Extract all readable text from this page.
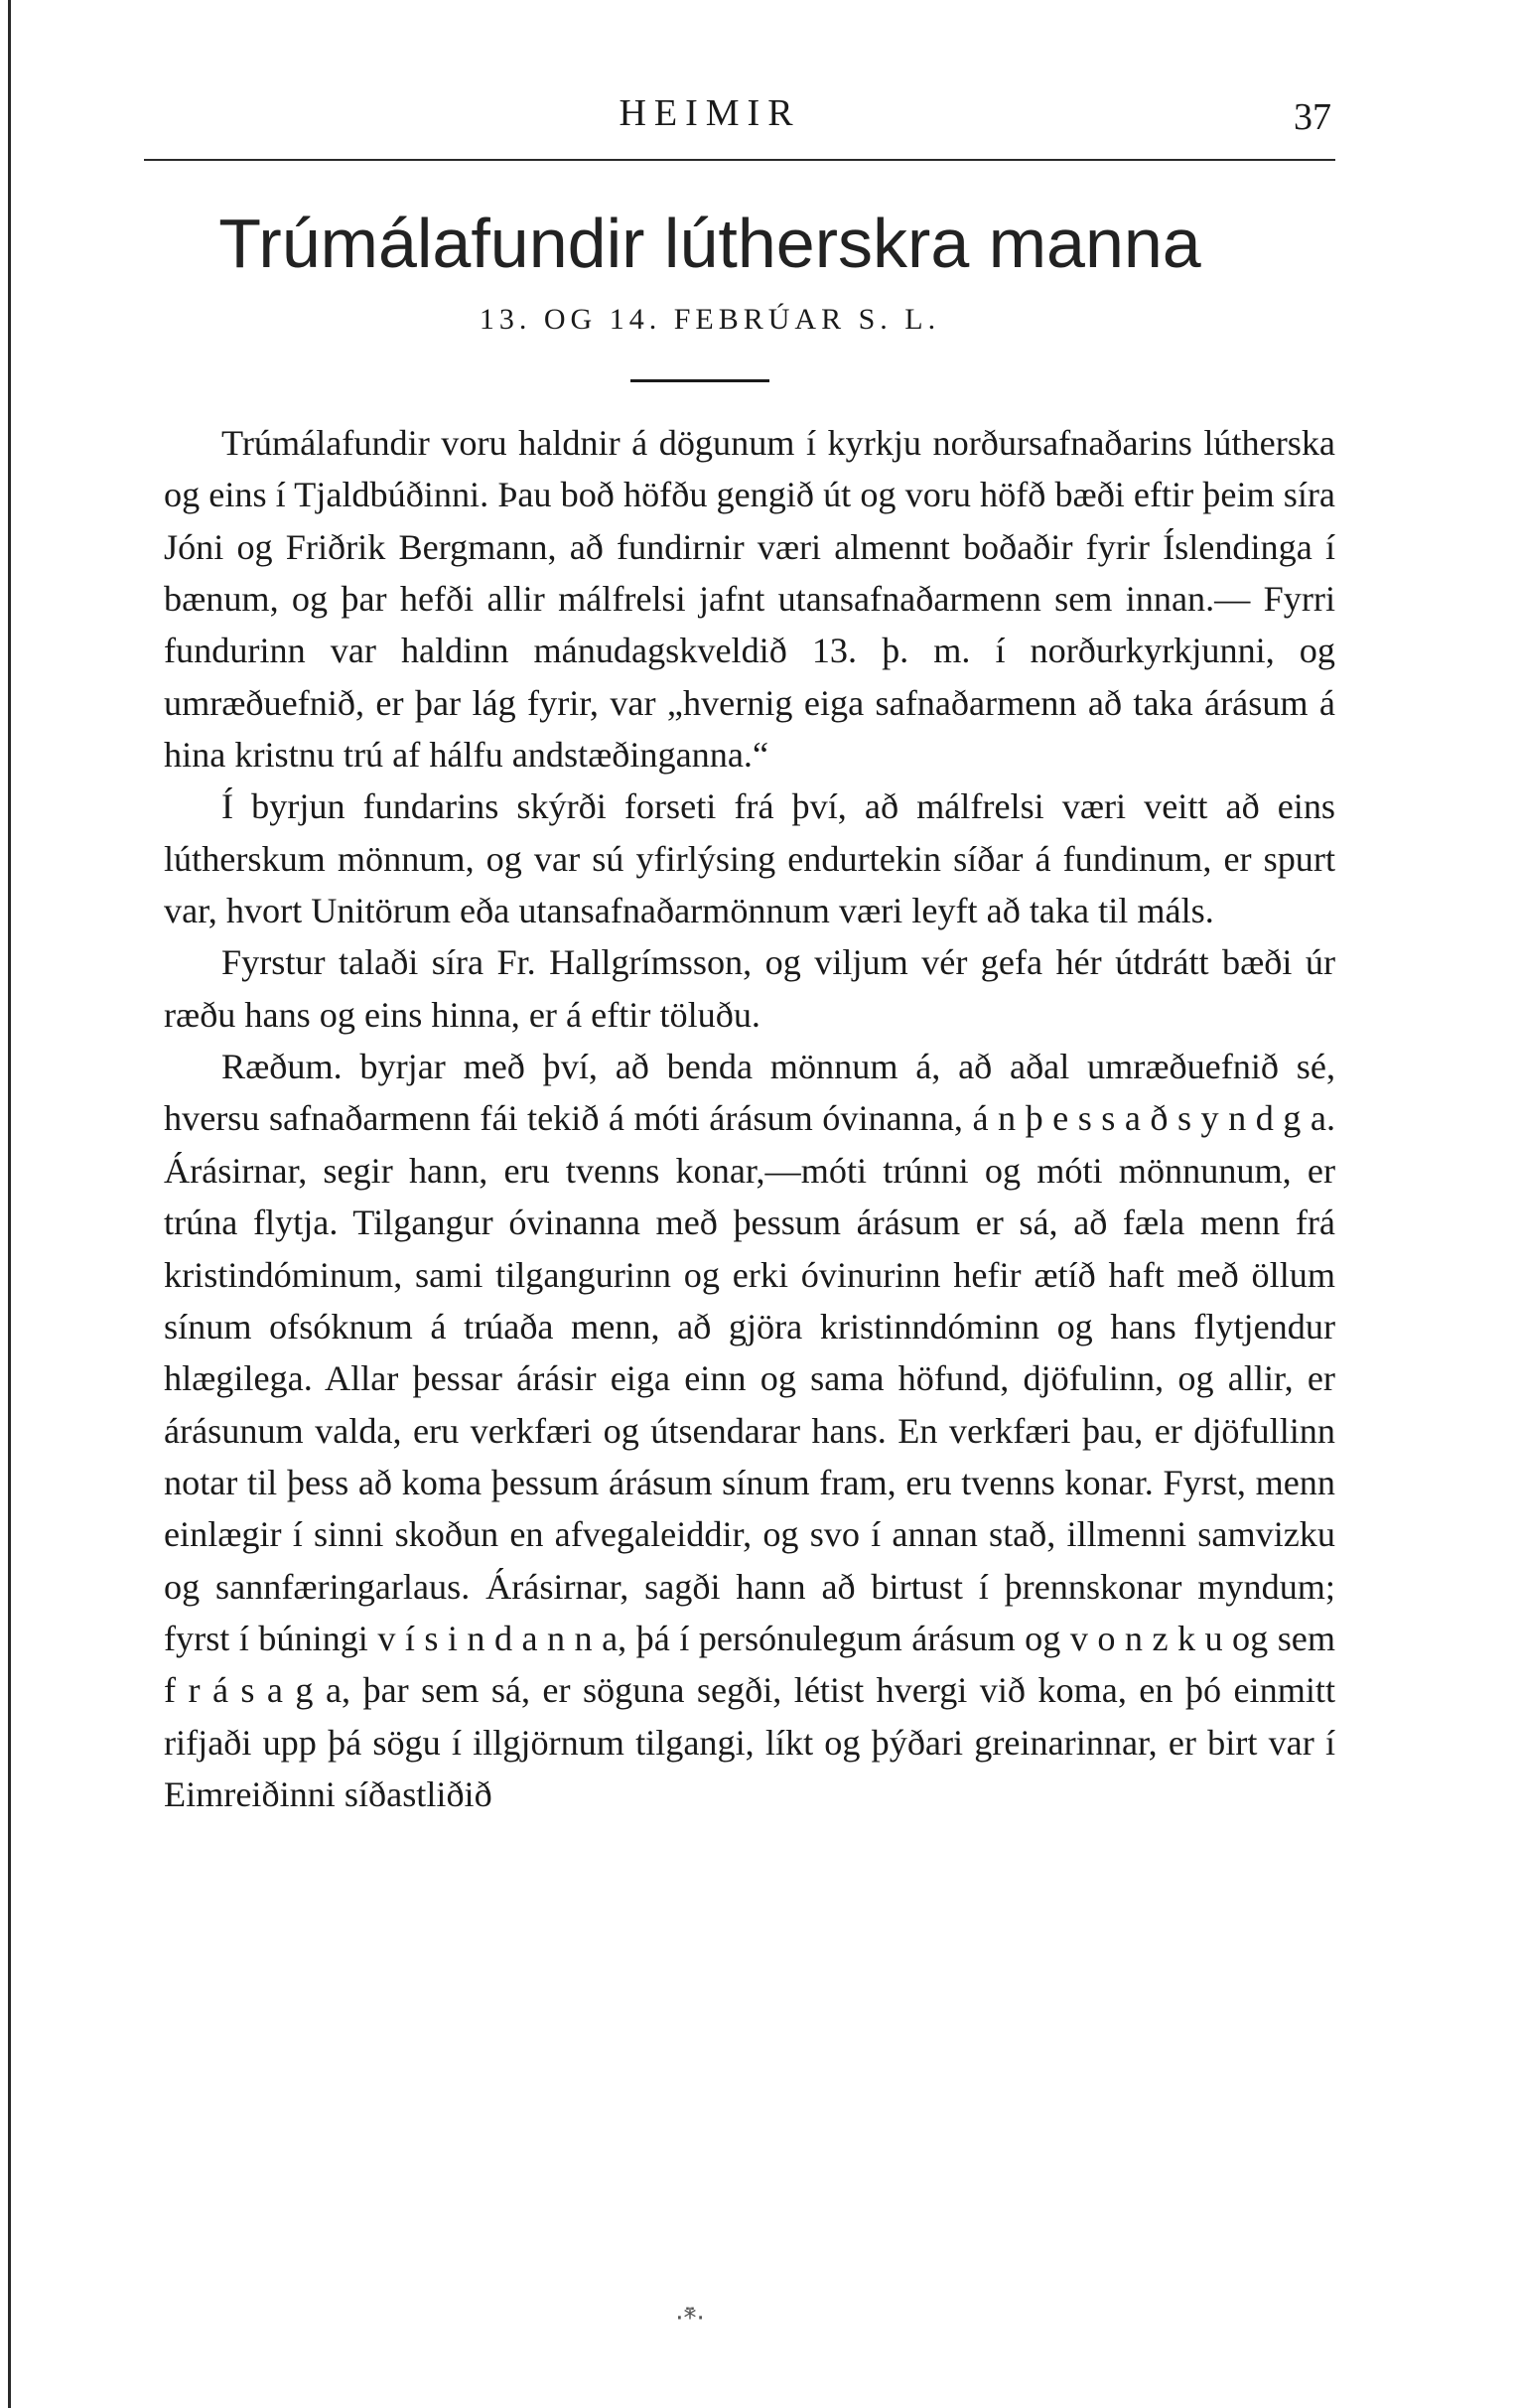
HEIMIR	37
Trúmálafundir lútherskra manna
13. OG 14. FEBRÚAR S. L.

Trúmálafundir voru haldnir á dögunum í kyrkju norðursafnaðarins lútherska og eins í Tjaldbúðinni. Þau boð höfðu gengið út og voru höfð bæði eftir þeim síra Jóni og Friðrik Bergmann, að fundirnir væri almennt boðaðir fyrir Íslendinga í bænum, og þar hefði allir málfrelsi jafnt utansafnaðarmenn sem innan.— Fyrri fundurinn var haldinn mánudagskveldið 13. þ. m. í norðurkyrkjunni, og umræðuefnið, er þar lág fyrir, var „hvernig eiga safnaðarmenn að taka árásum á hina kristnu trú af hálfu andstæðinganna.“

Í byrjun fundarins skýrði forseti frá því, að málfrelsi væri veitt að eins lútherskum mönnum, og var sú yfirlýsing endurtekin síðar á fundinum, er spurt var, hvort Unitörum eða utansafnaðarmönnum væri leyft að taka til máls.

Fyrstur talaði síra Fr. Hallgrímsson, og viljum vér gefa hér útdrátt bæði úr ræðu hans og eins hinna, er á eftir töluðu.

Ræðum. byrjar með því, að benda mönnum á, að aðal umræðuefnið sé, hversu safnaðarmenn fái tekið á móti árásum óvinanna, á n þ e s s a ð s y n d g a. Árásirnar, segir hann, eru tvenns konar,—móti trúnni og móti mönnunum, er trúna flytja. Tilgangur óvinanna með þessum árásum er sá, að fæla menn frá kristindóminum, sami tilgangurinn og erki óvinurinn hefir ætíð haft með öllum sínum ofsóknum á trúaða menn, að gjöra kristinndóminn og hans flytjendur hlægilega. Allar þessar árásir eiga einn og sama höfund, djöfulinn, og allir, er árásunum valda, eru verkfæri og útsendarar hans. En verkfæri þau, er djöfullinn notar til þess að koma þessum árásum sínum fram, eru tvenns konar. Fyrst, menn einlægir í sinni skoðun en afvegaleiddir, og svo í annan stað, illmenni samvizku og sannfæringarlaus. Árásirnar, sagði hann að birtust í þrennskonar myndum; fyrst í búningi v í s i n d a n n a, þá í persónulegum árásum og v o n z k u og sem f r á s a g a, þar sem sá, er söguna segði, létist hvergi við koma, en þó einmitt rifjaði upp þá sögu í illgjörnum tilgangi, líkt og þýðari greinarinnar, er birt var í Eimreiðinni síðastliðið

·*̈·
